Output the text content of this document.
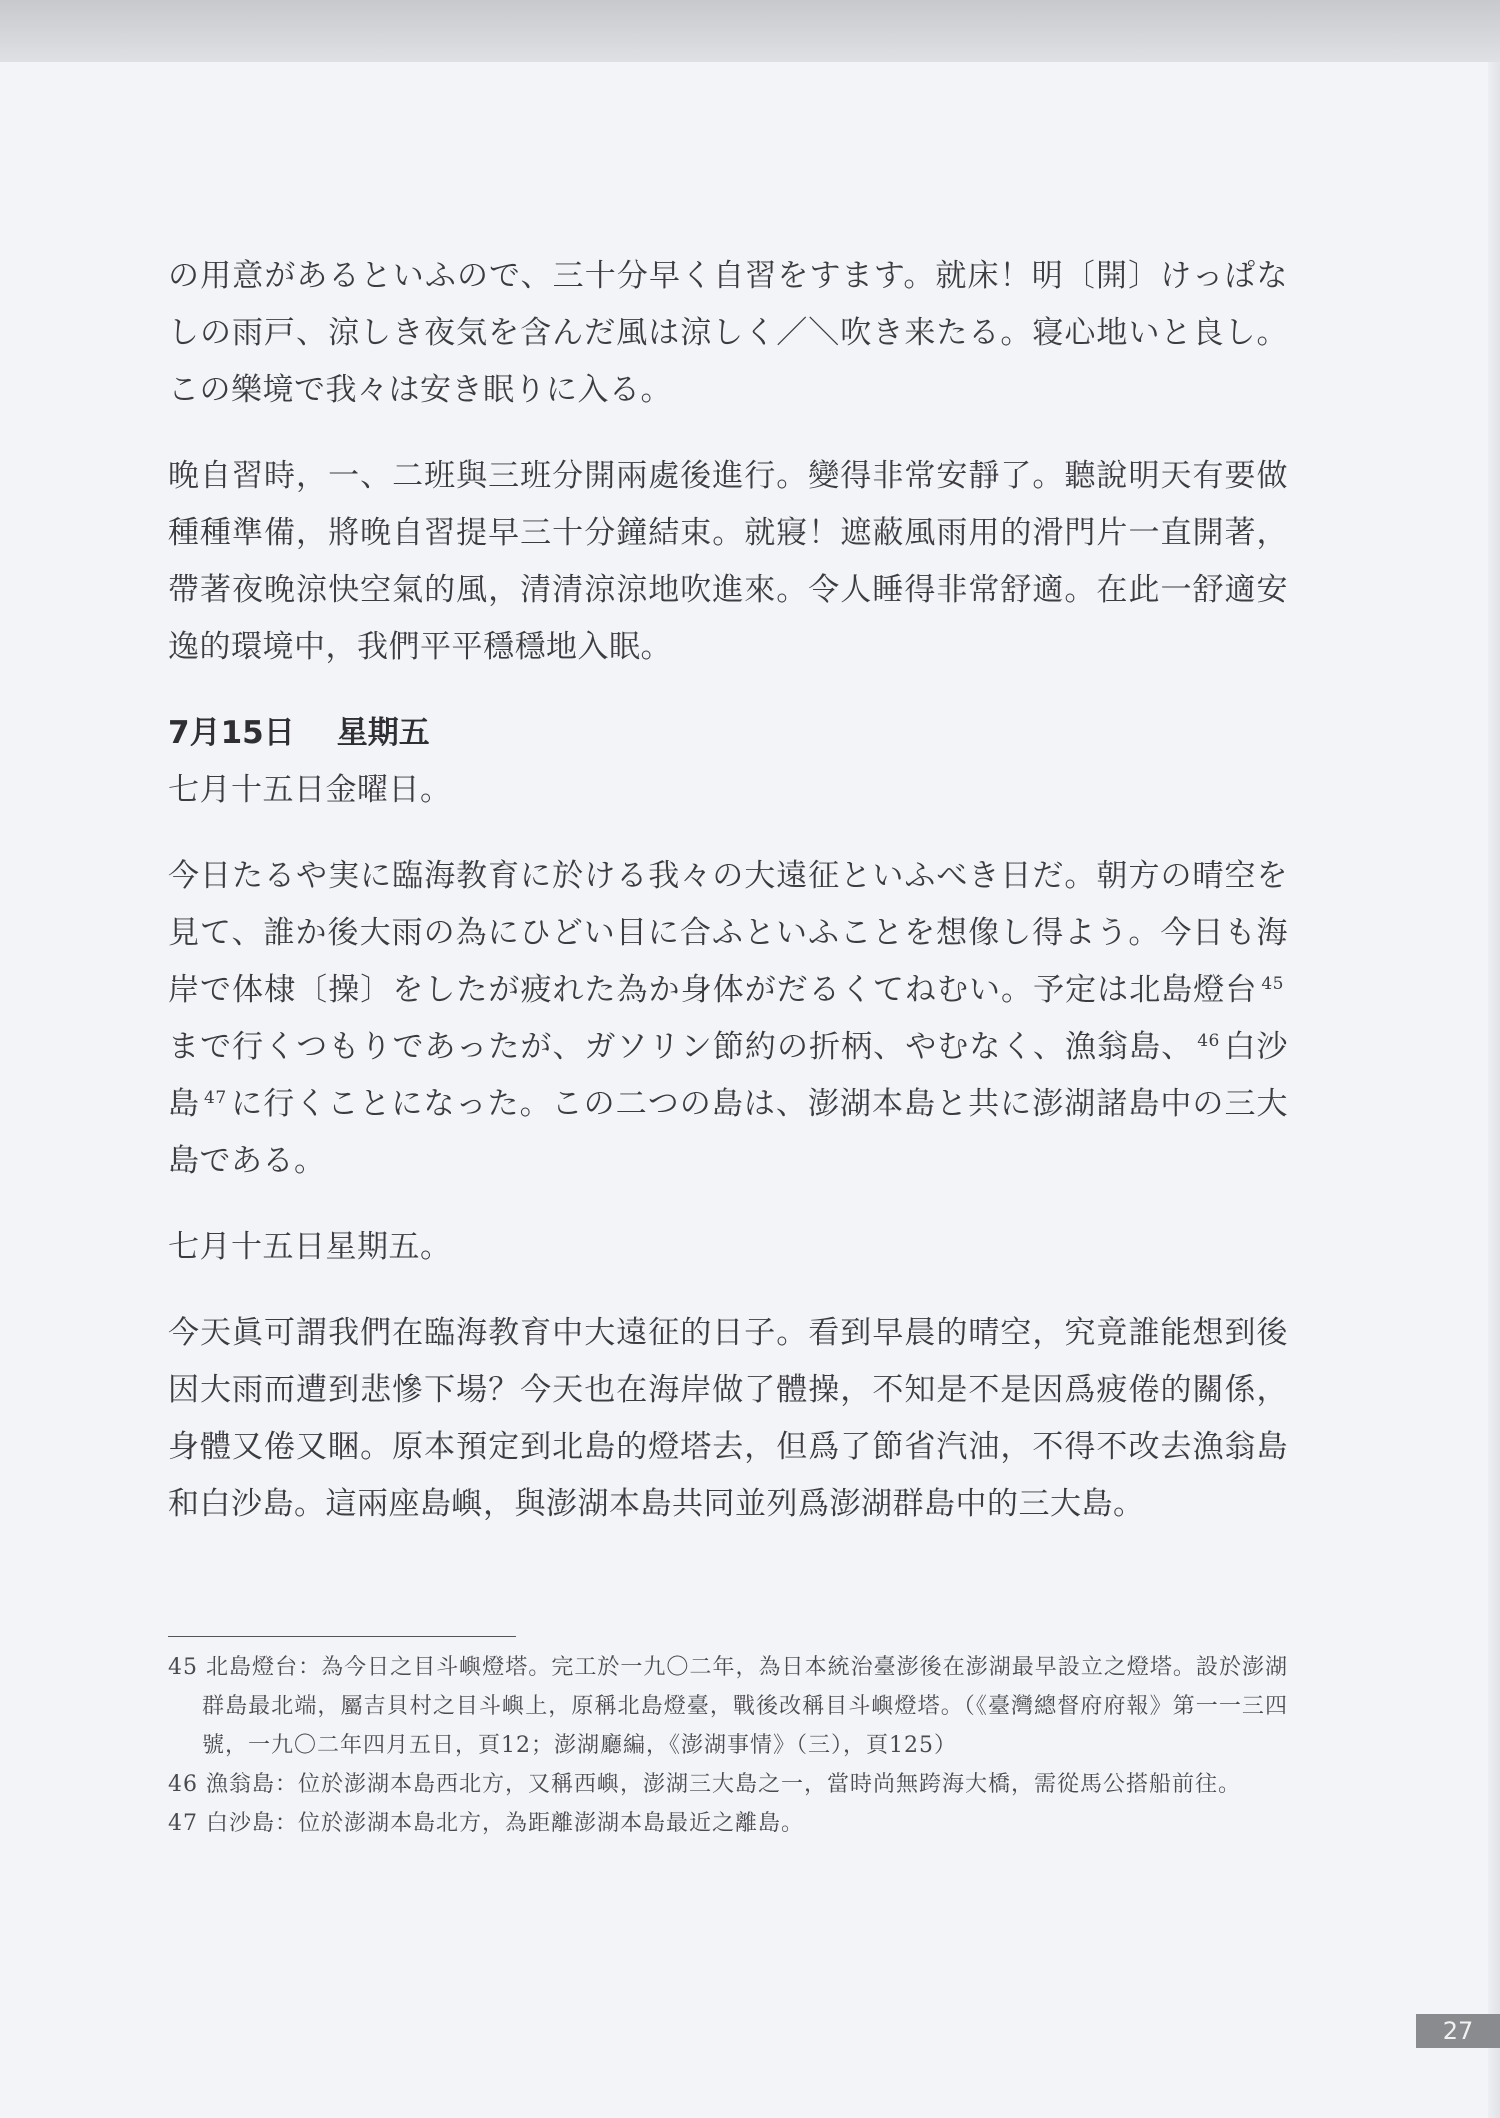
の用意があるといふので、三十分早く自習をすます。就床！明〔開〕けっぱなしの雨戸、涼しき夜気を含んだ風は涼しく／＼吹き来たる。寝心地いと良し。この樂境で我々は安き眠りに入る。

晚自習時，一、二班與三班分開兩處後進行。變得非常安靜了。聽說明天有要做種種準備，將晚自習提早三十分鐘結束。就寢！遮蔽風雨用的滑門片一直開著，帶著夜晚涼快空氣的風，清清涼涼地吹進來。令人睡得非常舒適。在此一舒適安逸的環境中，我們平平穩穩地入眠。

7月15日 星期五

七月十五日金曜日。

今日たるや実に臨海教育に於ける我々の大遠征といふべき日だ。朝方の晴空を見て、誰か後大雨の為にひどい目に合ふといふことを想像し得よう。今日も海岸で体棣〔操〕をしたが疲れた為か身体がだるくてねむい。予定は北島燈台 $^{45}$まで行くつもりであったが、ガソリン節約の折柄、やむなく、漁翁島、 $^{46}$ 白沙島 $^{47}$ に行くことになった。この二つの島は、澎湖本島と共に澎湖諸島中の三大島である。

七月十五日星期五。

今天眞可謂我們在臨海教育中大遠征的日子。看到早晨的晴空，究竟誰能想到後因大雨而遭到悲慘下場？今天也在海岸做了體操，不知是不是因爲疲倦的關係，身體又倦又睏。原本預定到北島的燈塔去，但爲了節省汽油，不得不改去漁翁島和白沙島。這兩座島嶼，與澎湖本島共同並列爲澎湖群島中的三大島。

45 北島燈台：為今日之目斗嶼燈塔。完工於一九〇二年，為日本統治臺澎後在澎湖最早設立之燈塔。設於澎湖群島最北端，屬吉貝村之目斗嶼上，原稱北島燈臺，戰後改稱目斗嶼燈塔。（《臺灣總督府府報》第一一三四號，一九〇二年四月五日，頁12；澎湖廳編，《澎湖事情》（三），頁125）

46 漁翁島：位於澎湖本島西北方，又稱西嶼，澎湖三大島之一，當時尚無跨海大橋，需從馬公搭船前往。

47 白沙島：位於澎湖本島北方，為距離澎湖本島最近之離島。

27
